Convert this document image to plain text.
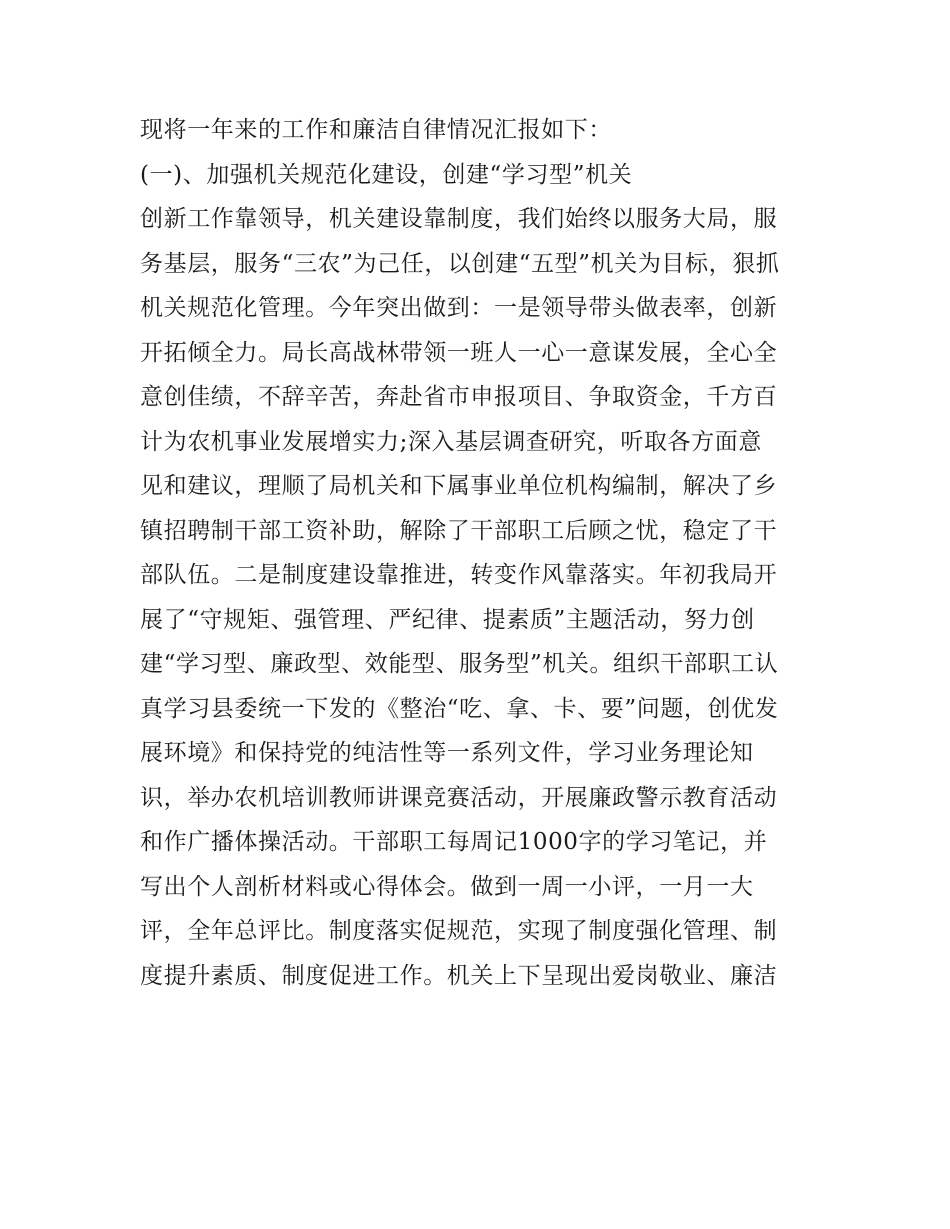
现将一年来的工作和廉洁自律情况汇报如下：
(一)、加强机关规范化建设，创建“学习型”机关
创新工作靠领导，机关建设靠制度，我们始终以服务大局，服
务基层，服务“三农”为己任，以创建“五型”机关为目标，狠抓
机关规范化管理。今年突出做到：一是领导带头做表率，创新
开拓倾全力。局长高战林带领一班人一心一意谋发展，全心全
意创佳绩，不辞辛苦，奔赴省市申报项目、争取资金，千方百
计为农机事业发展增实力;深入基层调查研究，听取各方面意
见和建议，理顺了局机关和下属事业单位机构编制，解决了乡
镇招聘制干部工资补助，解除了干部职工后顾之忧，稳定了干
部队伍。二是制度建设靠推进，转变作风靠落实。年初我局开
展了“守规矩、强管理、严纪律、提素质”主题活动，努力创
建“学习型、廉政型、效能型、服务型”机关。组织干部职工认
真学习县委统一下发的《整治“吃、拿、卡、要”问题，创优发
展环境》和保持党的纯洁性等一系列文件，学习业务理论知
识，举办农机培训教师讲课竞赛活动，开展廉政警示教育活动
和作广播体操活动。干部职工每周记1000字的学习笔记，并
写出个人剖析材料或心得体会。做到一周一小评，一月一大
评，全年总评比。制度落实促规范，实现了制度强化管理、制
度提升素质、制度促进工作。机关上下呈现出爱岗敬业、廉洁
